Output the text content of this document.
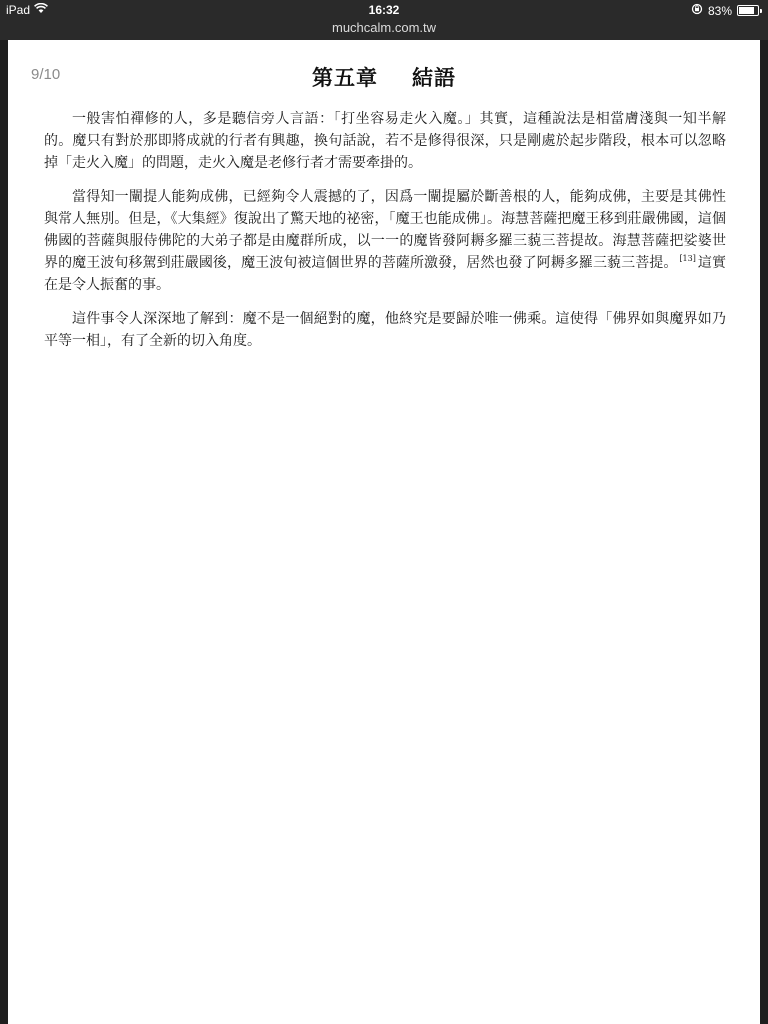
iPad	16:32	83%
muchcalm.com.tw
9/10	第五章 結語

一般害怕禪修的人，多是聽信旁人言語：「打坐容易走火入魔。」其實，這種說法是相當膚淺與一知半解的。魔只有對於那即將成就的行者有興趣，換句話說，若不是修得很深，只是剛處於起步階段，根本可以忽略掉「走火入魔」的問題，走火入魔是老修行者才需要牽掛的。

當得知一闡提人能夠成佛，已經夠令人震撼的了，因爲一闡提屬於斷善根的人，能夠成佛，主要是其佛性與常人無別。但是，《大集經》復說出了驚天地的祕密，「魔王也能成佛」。海慧菩薩把魔王移到莊嚴佛國，這個佛國的菩薩與服侍佛陀的大弟子都是由魔群所成，以一一的魔皆發阿耨多羅三藐三菩提故。海慧菩薩把娑婆世界的魔王波旬移駕到莊嚴國後，魔王波旬被這個世界的菩薩所激發，居然也發了阿耨多羅三藐三菩提。 [13] 這實在是令人振奮的事。

這件事令人深深地了解到：魔不是一個絕對的魔，他終究是要歸於唯一佛乘。這使得「佛界如與魔界如乃平等一相」，有了全新的切入角度。
